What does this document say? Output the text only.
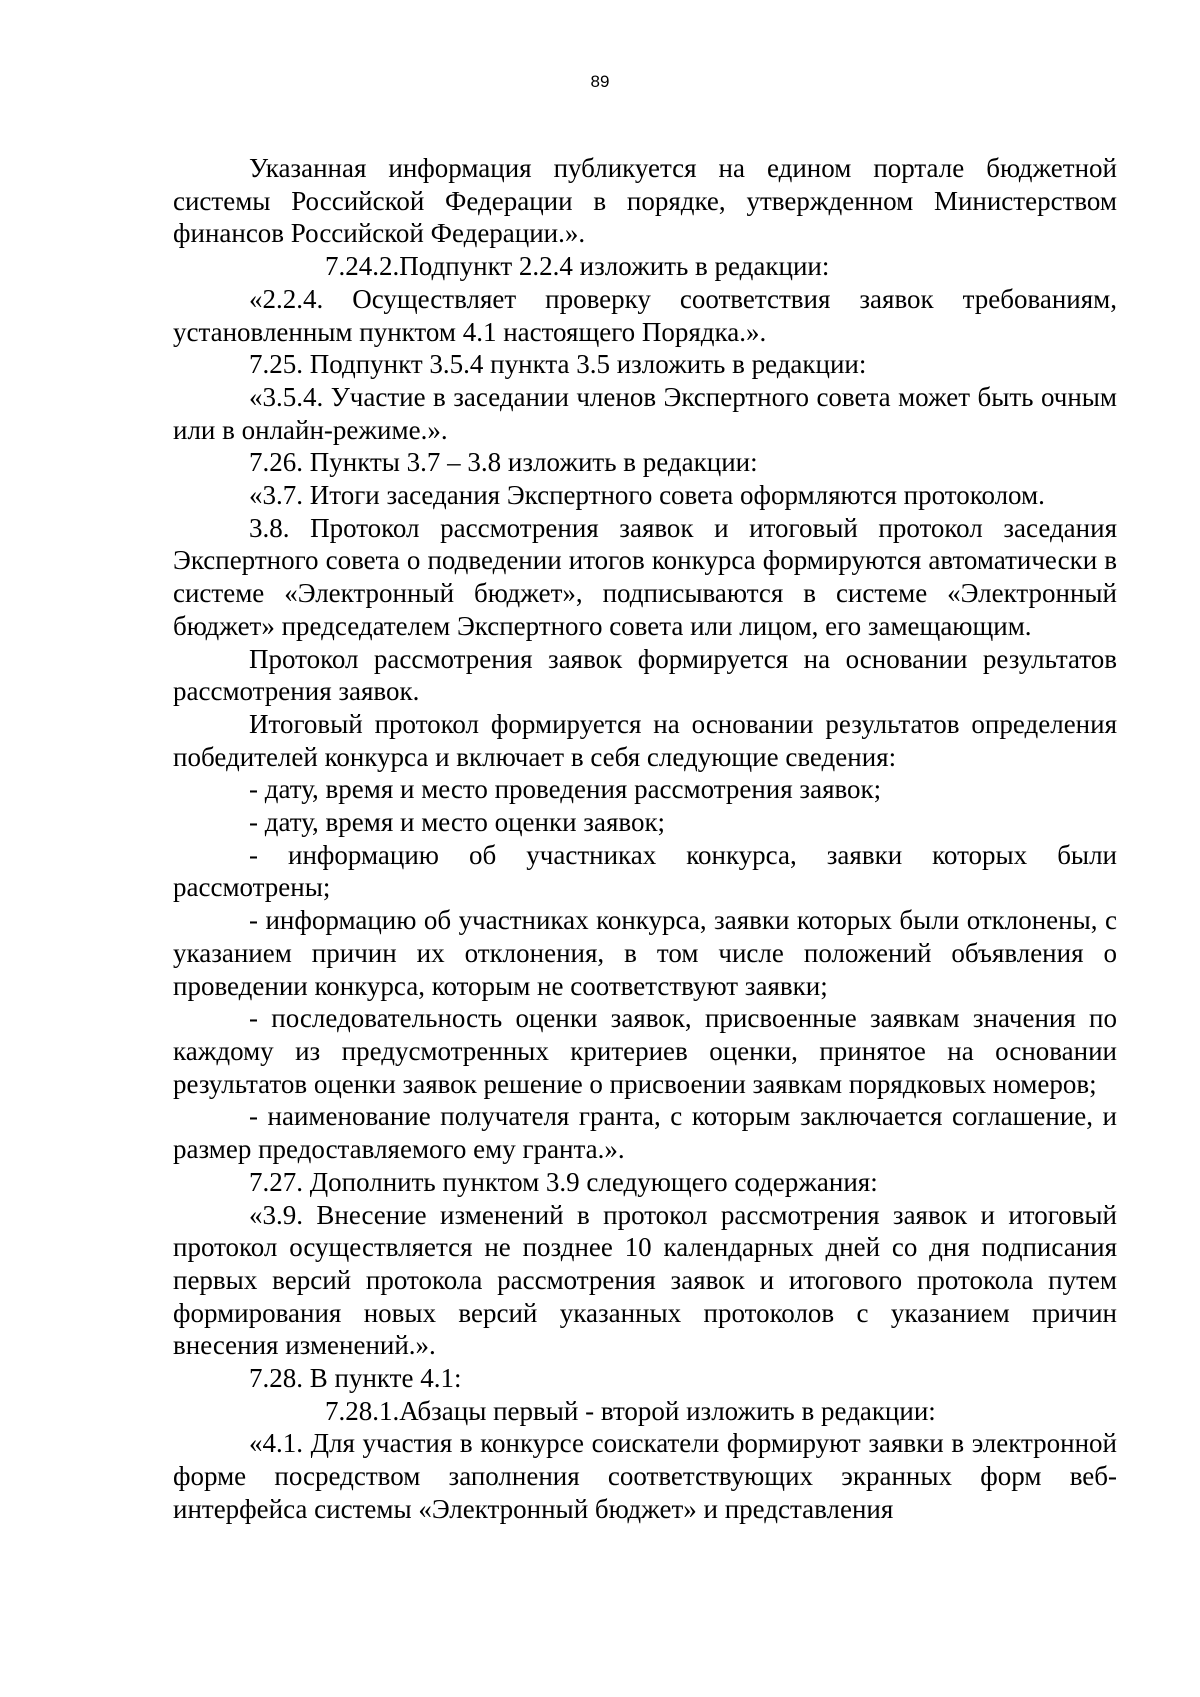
89

Указанная информация публикуется на едином портале бюджетной системы Российской Федерации в порядке, утвержденном Министерством финансов Российской Федерации.».

7.24.2.Подпункт 2.2.4 изложить в редакции:

«2.2.4. Осуществляет проверку соответствия заявок требованиям, установленным пунктом 4.1 настоящего Порядка.».

7.25. Подпункт 3.5.4 пункта 3.5 изложить в редакции:

«3.5.4. Участие в заседании членов Экспертного совета может быть очным или в онлайн-режиме.».

7.26. Пункты 3.7 – 3.8 изложить в редакции:

«3.7. Итоги заседания Экспертного совета оформляются протоколом.

3.8. Протокол рассмотрения заявок и итоговый протокол заседания Экспертного совета о подведении итогов конкурса формируются автоматически в системе «Электронный бюджет», подписываются в системе «Электронный бюджет» председателем Экспертного совета или лицом, его замещающим.

Протокол рассмотрения заявок формируется на основании результатов рассмотрения заявок.

Итоговый протокол формируется на основании результатов определения победителей конкурса и включает в себя следующие сведения:

- дату, время и место проведения рассмотрения заявок;

- дату, время и место оценки заявок;

- информацию об участниках конкурса, заявки которых были рассмотрены;

- информацию об участниках конкурса, заявки которых были отклонены, с указанием причин их отклонения, в том числе положений объявления о проведении конкурса, которым не соответствуют заявки;

- последовательность оценки заявок, присвоенные заявкам значения по каждому из предусмотренных критериев оценки, принятое на основании результатов оценки заявок решение о присвоении заявкам порядковых номеров;

- наименование получателя гранта, с которым заключается соглашение, и размер предоставляемого ему гранта.».

7.27. Дополнить пунктом 3.9 следующего содержания:

«3.9. Внесение изменений в протокол рассмотрения заявок и итоговый протокол осуществляется не позднее 10 календарных дней со дня подписания первых версий протокола рассмотрения заявок и итогового протокола путем формирования новых версий указанных протоколов с указанием причин внесения изменений.».

7.28. В пункте 4.1:

7.28.1.Абзацы первый - второй изложить в редакции:

«4.1. Для участия в конкурсе соискатели формируют заявки в электронной форме посредством заполнения соответствующих экранных форм веб-интерфейса системы «Электронный бюджет» и представления
